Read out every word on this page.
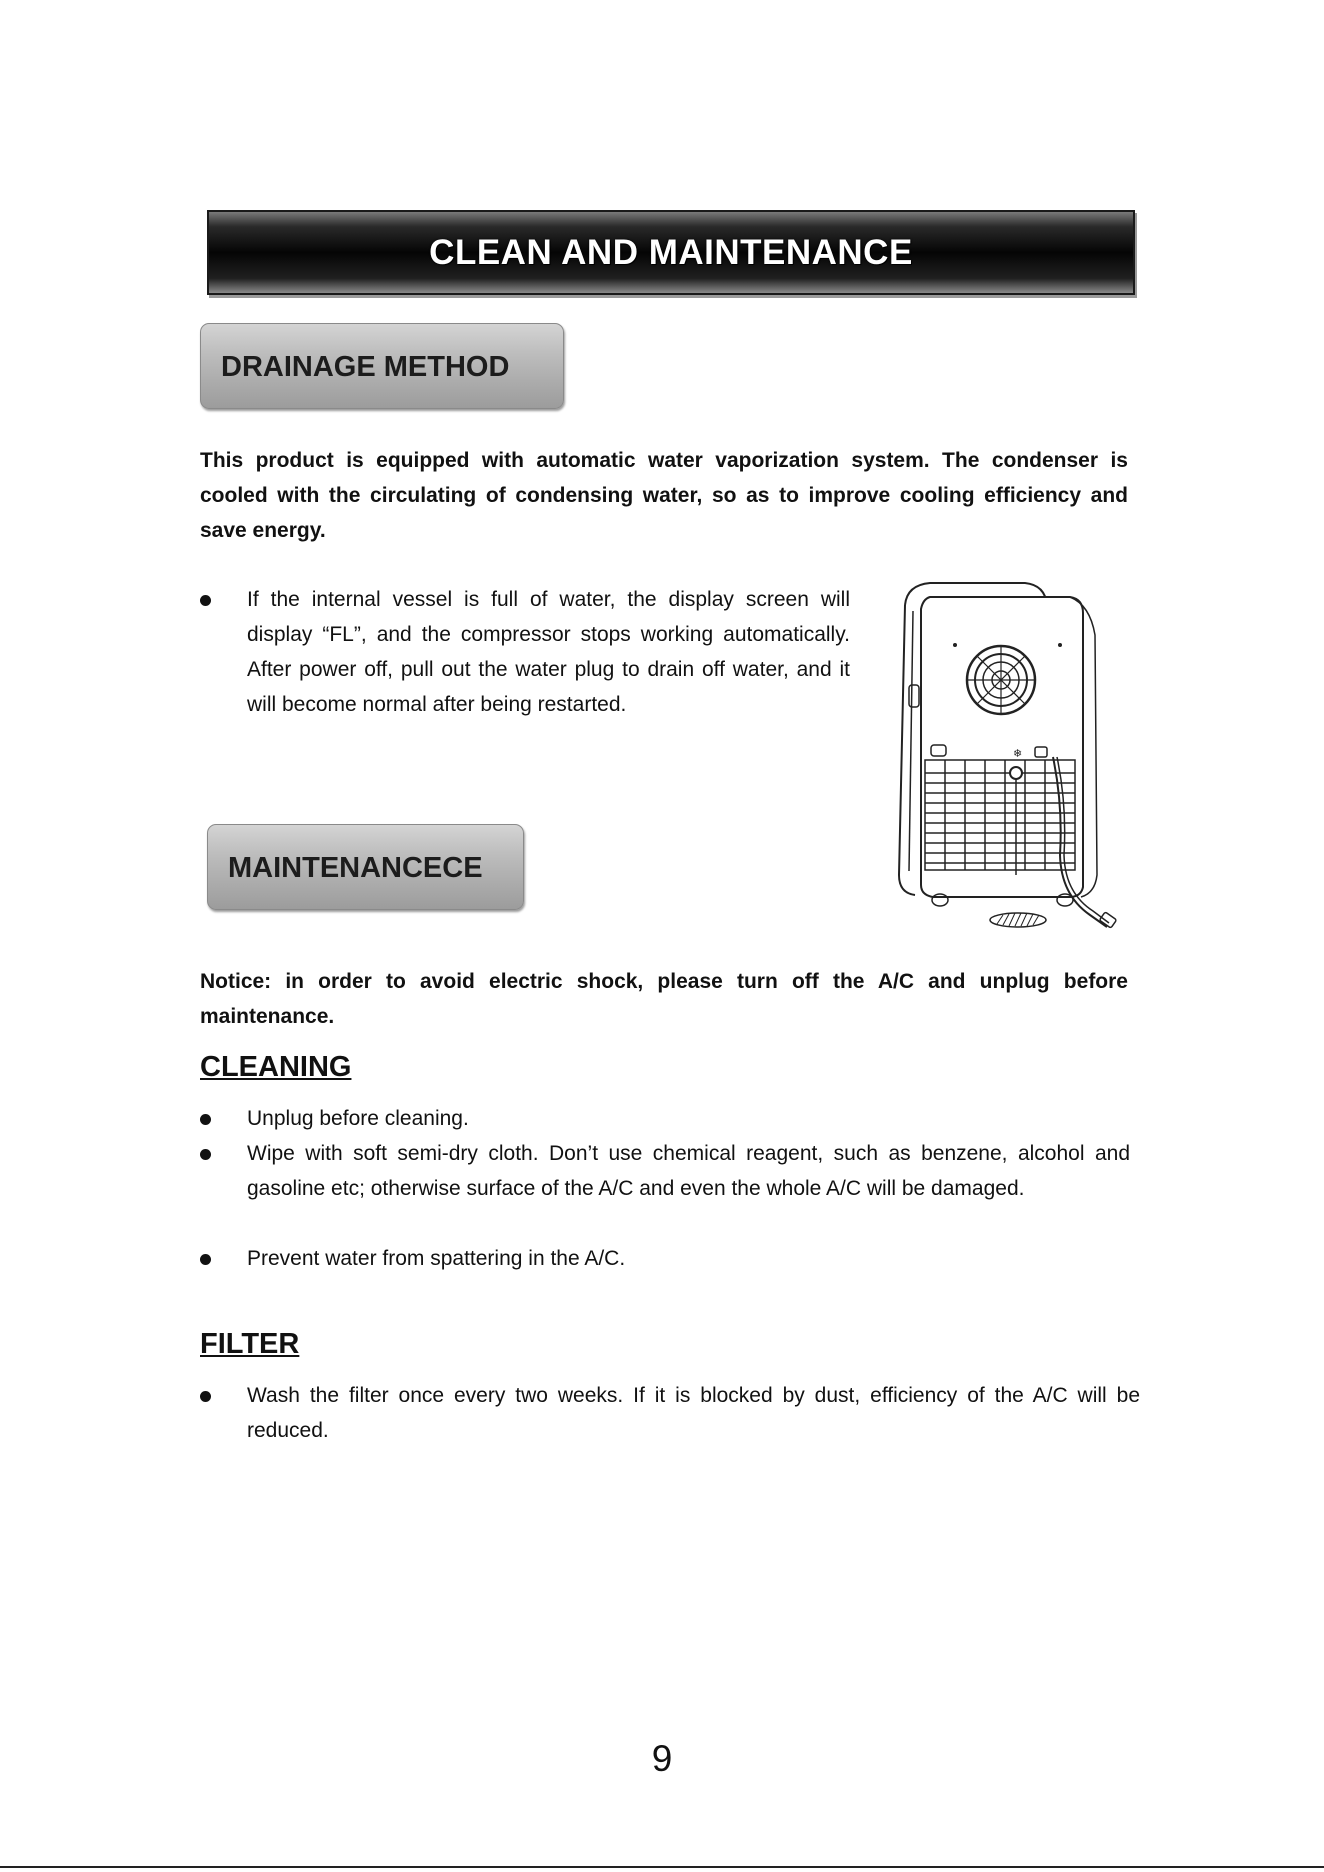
CLEAN AND MAINTENANCE
DRAINAGE METHOD

This product is equipped with automatic water vaporization system. The condenser is cooled with the circulating of condensing water, so as to improve cooling efficiency and save energy.

If the internal vessel is full of water, the display screen will display “FL”, and the compressor stops working automatically. After power off, pull out the water plug to drain off water, and it will become normal after being restarted.
❄
MAINTENANCECE

Notice: in order to avoid electric shock, please turn off the A/C and unplug before maintenance.

CLEANING
Unplug before cleaning.
Wipe with soft semi-dry cloth. Don’t use chemical reagent, such as benzene, alcohol and gasoline etc; otherwise surface of the A/C and even the whole A/C will be damaged.
Prevent water from spattering in the A/C.
FILTER
Wash the filter once every two weeks. If it is blocked by dust, efficiency of the A/C will be reduced.
9
